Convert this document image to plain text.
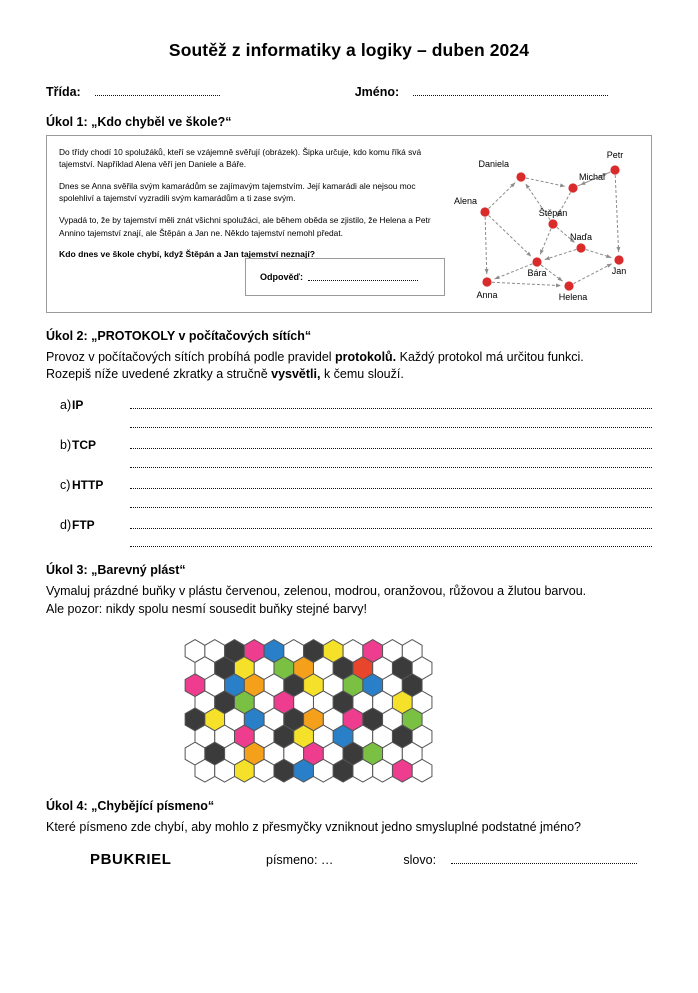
Soutěž z informatiky a logiky – duben 2024
Třída:	Jméno:
Úkol 1: „Kdo chyběl ve škole?“

Do třídy chodí 10 spolužáků, kteří se vzájemně svěřují (obrázek). Šipka určuje, kdo komu říká svá tajemství. Například Alena věří jen Daniele a Báře.

Dnes se Anna svěřila svým kamarádům se zajímavým tajemstvím. Její kamarádi ale nejsou moc spolehliví a tajemství vyzradili svým kamarádům a ti zase svým.

Vypadá to, že by tajemství měli znát všichni spolužáci, ale během oběda se zjistilo, že Helena a Petr Annino tajemství znají, ale Štěpán a Jan ne. Někdo tajemství nemohl předat.

Kdo dnes ve škole chybí, když Štěpán a Jan tajemství neznají?
Odpověď:
Daniela
Michal
Petr
Alena
Štěpán
Naďa
Bára	Jan
Anna	Helena
Úkol 2: „PROTOKOLY v počítačových sítích“
Provoz v počítačových sítích probíhá podle pravidel protokolů. Každý protokol má určitou funkci.
Rozepiš níže uvedené zkratky a stručně vysvětli, k čemu slouží.
a) IP
b) TCP
c) HTTP
d) FTP
Úkol 3: „Barevný plást“
Vymaluj prázdné buňky v plástu červenou, zelenou, modrou, oranžovou, růžovou a žlutou barvou.
Ale pozor: nikdy spolu nesmí sousedit buňky stejné barvy!
Úkol 4: „Chybějící písmeno“
Které písmeno zde chybí, aby mohlo z přesmyčky vzniknout jedno smysluplné podstatné jméno?
PBUKRIEL	písmeno: …	slovo:
